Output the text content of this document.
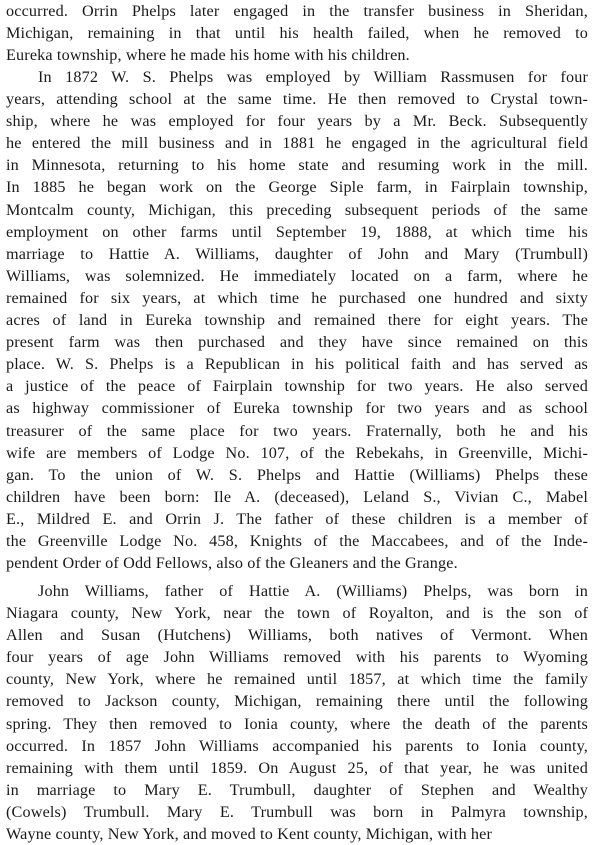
occurred. Orrin Phelps later engaged in the transfer business in Sheridan,
Michigan, remaining in that until his health failed, when he removed to
Eureka township, where he made his home with his children.
In 1872 W. S. Phelps was employed by William Rassmusen for four
years, attending school at the same time. He then removed to Crystal town-
ship, where he was employed for four years by a Mr. Beck. Subsequently
he entered the mill business and in 1881 he engaged in the agricultural field
in Minnesota, returning to his home state and resuming work in the mill.
In 1885 he began work on the George Siple farm, in Fairplain township,
Montcalm county, Michigan, this preceding subsequent periods of the same
employment on other farms until September 19, 1888, at which time his
marriage to Hattie A. Williams, daughter of John and Mary (Trumbull)
Williams, was solemnized. He immediately located on a farm, where he
remained for six years, at which time he purchased one hundred and sixty
acres of land in Eureka township and remained there for eight years. The
present farm was then purchased and they have since remained on this
place. W. S. Phelps is a Republican in his political faith and has served as
a justice of the peace of Fairplain township for two years. He also served
as highway commissioner of Eureka township for two years and as school
treasurer of the same place for two years. Fraternally, both he and his
wife are members of Lodge No. 107, of the Rebekahs, in Greenville, Michi-
gan. To the union of W. S. Phelps and Hattie (Williams) Phelps these
children have been born: Ile A. (deceased), Leland S., Vivian C., Mabel
E., Mildred E. and Orrin J. The father of these children is a member of
the Greenville Lodge No. 458, Knights of the Maccabees, and of the Inde-
pendent Order of Odd Fellows, also of the Gleaners and the Grange.
John Williams, father of Hattie A. (Williams) Phelps, was born in
Niagara county, New York, near the town of Royalton, and is the son of
Allen and Susan (Hutchens) Williams, both natives of Vermont. When
four years of age John Williams removed with his parents to Wyoming
county, New York, where he remained until 1857, at which time the family
removed to Jackson county, Michigan, remaining there until the following
spring. They then removed to Ionia county, where the death of the parents
occurred. In 1857 John Williams accompanied his parents to Ionia county,
remaining with them until 1859. On August 25, of that year, he was united
in marriage to Mary E. Trumbull, daughter of Stephen and Wealthy
(Cowels) Trumbull. Mary E. Trumbull was born in Palmyra township,
Wayne county, New York, and moved to Kent county, Michigan, with her
